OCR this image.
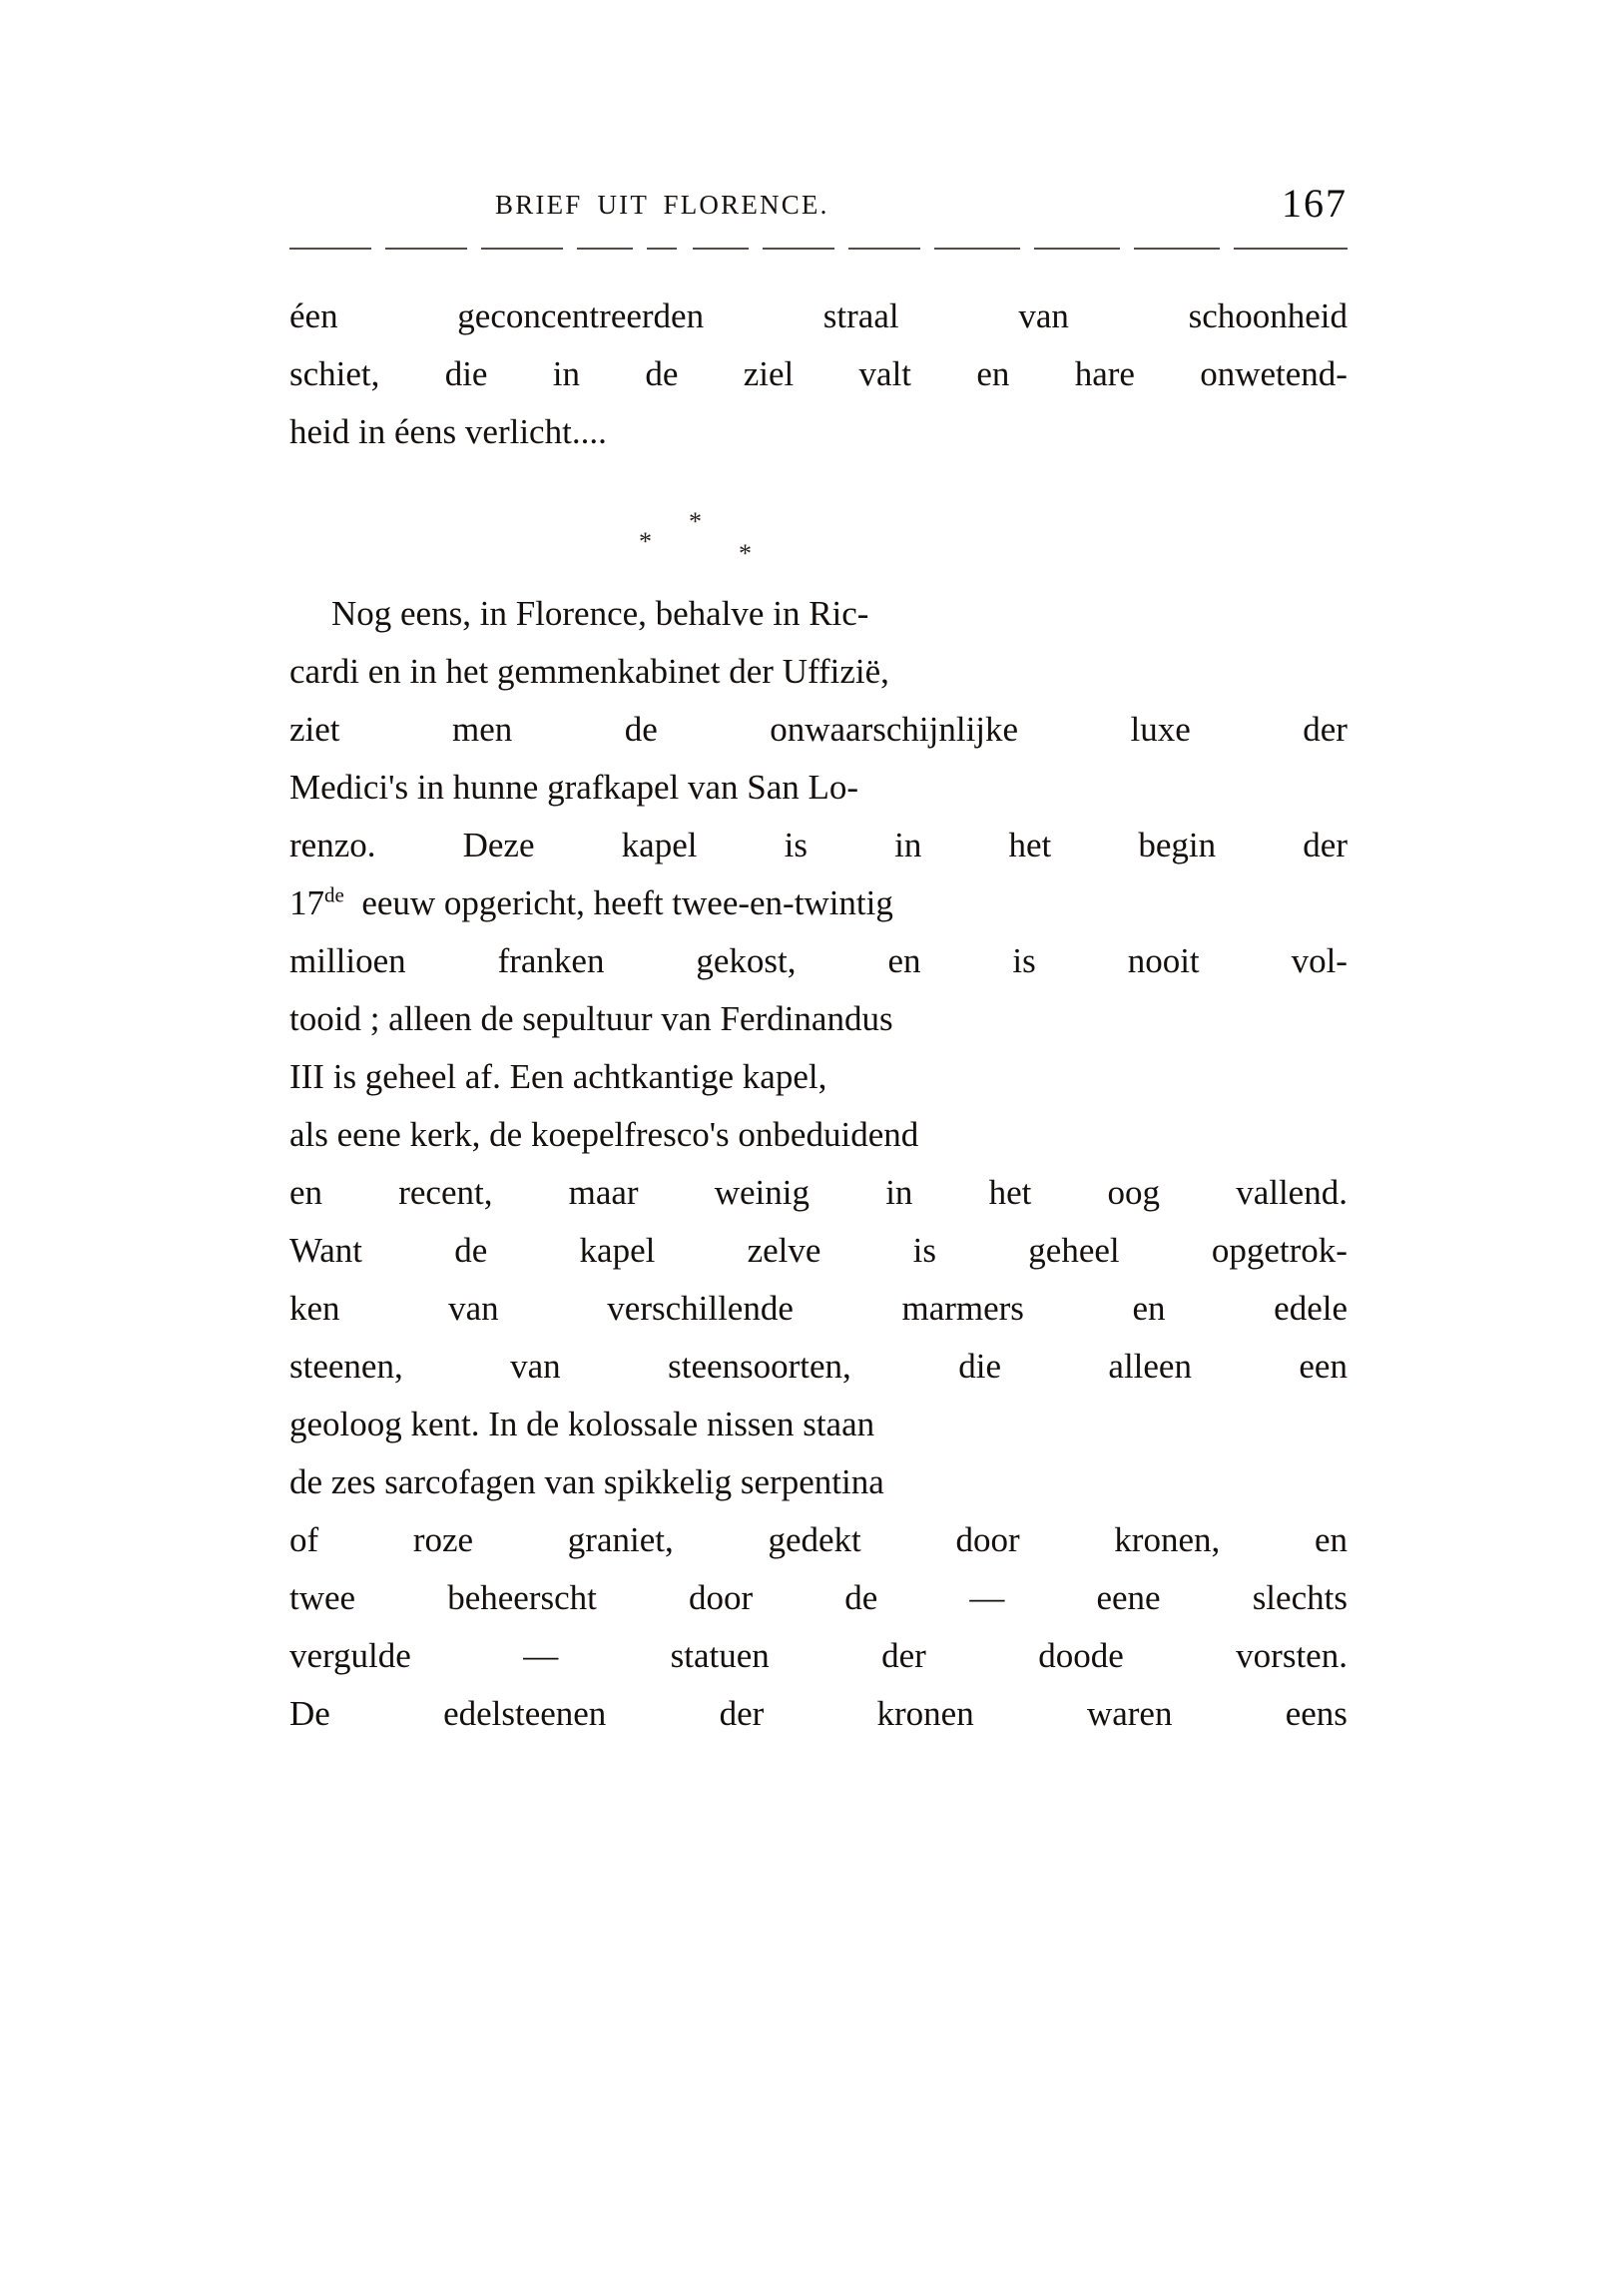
BRIEF UIT FLORENCE.	167
éen	geconcentreerden	straal	van	schoonheid
schiet, die in de ziel valt en hare onwetend-
heid in éens verlicht....
*
*
*
Nog eens, in Florence, behalve in Ric-
cardi en in het gemmenkabinet der Uffizië,
ziet	men	de	onwaarschijnlijke	luxe	der
Medici's in hunne grafkapel van San Lo-
renzo. Deze kapel is in het begin der
17de  eeuw opgericht, heeft twee-en-twintig
millioen	franken	gekost,	en	is	nooit	vol-
tooid ; alleen de sepultuur van Ferdinandus
III is geheel af. Een achtkantige kapel,
als eene kerk, de koepelfresco's onbeduidend
en recent, maar weinig in het oog vallend.
Want	de	kapel	zelve	is	geheel	opgetrok-
ken	van	verschillende	marmers	en	edele
steenen,	van	steensoorten,	die	alleen	een
geoloog kent. In de kolossale nissen staan
de zes sarcofagen van spikkelig serpentina
of	roze	graniet,	gedekt	door	kronen,	en
twee	beheerscht	door	de	—	eene	slechts
vergulde	—	statuen	der	doode	vorsten.
De	edelsteenen	der	kronen	waren	eens
